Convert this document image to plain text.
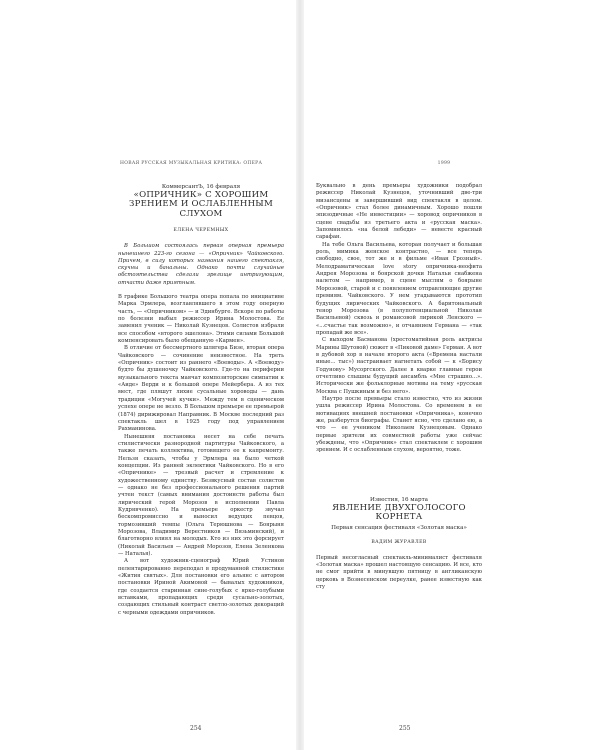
НОВАЯ РУССКАЯ МУЗЫКАЛЬНАЯ КРИТИКА: ОПЕРА
КоммерсантЪ, 16 февраля
«ОПРИЧНИК» С ХОРОШИМ ЗРЕНИЕМ И ОСЛАБЛЕННЫМ СЛУХОМ
ЕЛЕНА ЧЕРЕМНЫХ
В Большом состоялась первая оперная премьера нынешнего 223-го сезона — «Опричник» Чайковского. Причем, в силу которых названия нашего спектакля, скучны и банальны. Однако почти случайные обстоятельства сделали зрелище интригующим, отчасти даже приятным.

В графике Большого театра опера попала по инициативе Марка Эрмлера, возглавлявшего в этом году оперную часть, — «Опричником» — и Эдинбурге. Вскоре по работы по болезни выбыл режиссер Ирина Молостова. Ее заменил ученик — Николай Кузнецов. Солистов избрали все способом «второго эшелона». Этими силами Большой компенсировать было обещанную «Кармен».

В отличие от бессмертного шлягера Бизе, вторая опера Чайковского — сочинение неизвестное. На треть «Опричник» состоит из раннего «Воеводы». А «Воеводу» будто бы душеночку Чайковского. Где-то на периферии музыкального текста маячат композиторские симпатии к «Аиде» Верди и к большой опере Мейербера. А из тех мест, где пляшут лихие сусальные хороводы — дань традиции «Могучей кучки». Между тем в сценическом успехе опере не везло. В Большом премьере ее премьерой (1874) дирижировал Направник. В Москве последний раз спектакль шел в 1925 году под управлением Рахманинова.

Нынешняя постановка несет на себе печать стилистически разнородной партитуры Чайковского, а также печать коллектива, готовящего ее к капремонту. Нельзя сказать, чтобы у Эрмлера на было четкой концепции. Из ранней эклектики Чайковского. Но в его «Опричнике» — трезвый расчет и стремление к художественному единству. Безвкусный состав солистов — однако не без профессионального решения партий учтен текст (самых внимания достоинств работы был лирический герой Морозов в исполнении Павла Кудрявченко). На премьере оркестр звучал бескомпромиссно и выносил ведущих певцов, тормозивший темпы (Ольга Терюшнова — Боярыня Морозова, Владимир Верестников — Вязьминский), и благотворно влиял на молодых. Кто из них это форсирует (Николай Васильев — Андрей Морозов, Елена Зеленкова — Наталья).

А вот художник-сценограф Юрий Устинов пелентарированно переподал в продуманной стилистике «Жития святых». Для постановки его альянс с автором постановки Ириной Акимовой — бывалых художников, где создается старинная сине-голубых с ярко-голубыми вставками, пропадающих среди сусально-золотых, создающих стильный контраст светло-золотых декораций с черными одеждами опричников.

254
1999

Буквально в день премьеры художники подобрал режиссер Николай Кузнецов, уточнивший две-три мизансцены и завершивший вид спектакля в целом. «Опричник» стал более динамичным. Хорошо пошли эпизодичные «Не инвестиции» — хоровод опричников в сцене свадьбы из третьего акта и «русская маска». Запомнилось «на белой лебеди» — невесте красный сарафан.

На тебе Ольга Васильева, которая получает и большая роль, мимика женское контрастно, — все теперь свободно, свое, тот же и в фильме «Иван Грозный». Мелодраматическая love story опричника-неофита Андрея Морозова и боярской дочки Натальи снабжена налетом — например, в сцене мыслям о боярыне Морозовой, старой и с появлением отправляющие другие премиям. Чайковского. У нем угадываются прототип будущих лирических Чайковского. А баритональный тенор Морозова (в полупотенциальной Николая Васильевой) сквозь и романсовой лирикой Ленского — «...счастье так возможно», и отчаянием Германа — «так пропадай же все».

С выходом Басманова (хрестоматийная роль актрисы Марины Шутовой) сюжет в «Пиковой даме» Герман. А вот в дубовой хор в начале второго акта («Времена настали иные... тыс») настраивает нагнетать собой — к «Борису Годунову» Мусоргского. Далее в кварке главные герои отчетливо слышны будущий ансамбль «Мне страшно...». Исторически же фольклорные мотивы на тему «русская Москва с Пушкиным и без него».

Наутро после премьеры стало известно, что из жизни ушла режиссер Ирина Молостова. Со временем в ее мотивациях внешней постановки «Опричника», конечно же, разберутся биографы. Станет ясно, что сделано ею, а что — ее учеником Николаем Кузнецовым. Однако первые зрители их совместной работы уже сейчас убеждены, что «Опричник» стал спектаклем с хорошим зрением. И с ослабленным слухом, вероятно, тоже.

Известия, 16 марта
ЯВЛЕНИЕ ДВУХГОЛОСОГО КОРНЕТА
Первая сенсация фестиваля «Золотая маска»
ВАДИМ ЖУРАВЛЕВ

Первый несогласный спектакль-минималист фестиваля «Золотая маска» прошел настоящую сенсацию. И все, кто не смог прийти в минувшую пятницу в англиканскую церковь в Вознесенском переулке, ранее известную как сту

255
